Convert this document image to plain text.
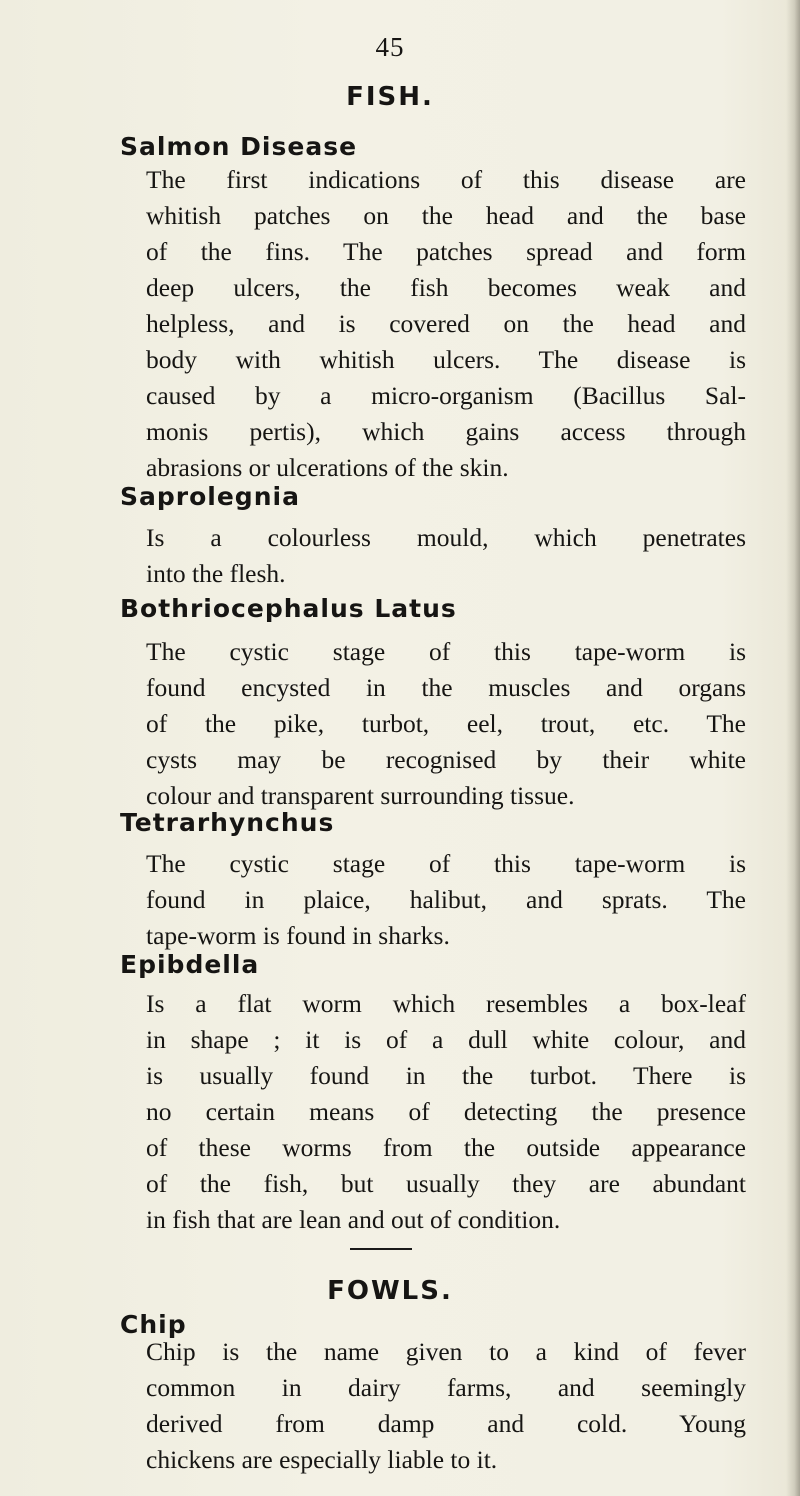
45
FISH.
Salmon Disease
The first indications of this disease are
whitish patches on the head and the base
of the fins. The patches spread and form
deep ulcers, the fish becomes weak and
helpless, and is covered on the head and
body with whitish ulcers. The disease is
caused by a micro-organism (Bacillus Sal-
monis pertis), which gains access through
abrasions or ulcerations of the skin.
Saprolegnia
Is a colourless mould, which penetrates
into the flesh.
Bothriocephalus Latus
The cystic stage of this tape-worm is
found encysted in the muscles and organs
of the pike, turbot, eel, trout, etc. The
cysts may be recognised by their white
colour and transparent surrounding tissue.
Tetrarhynchus
The cystic stage of this tape-worm is
found in plaice, halibut, and sprats. The
tape-worm is found in sharks.
Epibdella
Is a flat worm which resembles a box-leaf
in shape ; it is of a dull white colour, and
is usually found in the turbot. There is
no certain means of detecting the presence
of these worms from the outside appearance
of the fish, but usually they are abundant
in fish that are lean and out of condition.
FOWLS.
Chip
Chip is the name given to a kind of fever
common in dairy farms, and seemingly
derived from damp and cold. Young
chickens are especially liable to it.
